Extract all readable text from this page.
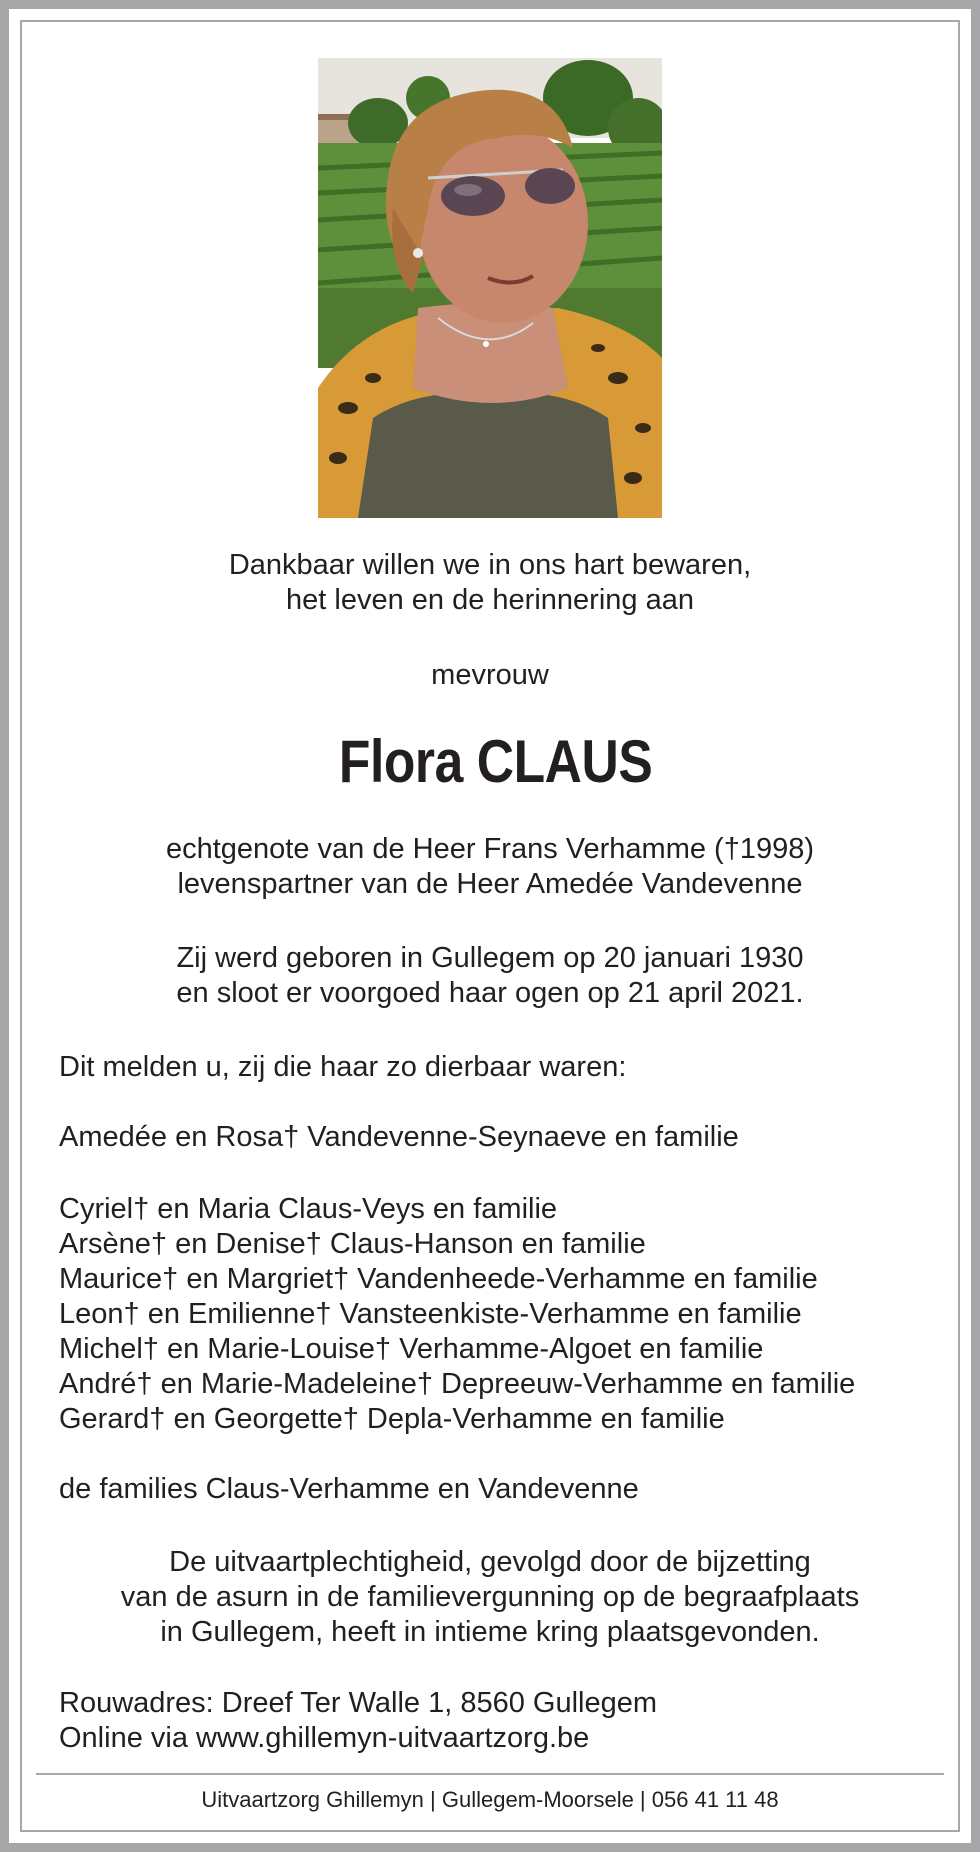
Dankbaar willen we in ons hart bewaren,
het leven en de herinnering aan
mevrouw
Flora CLAUS
echtgenote van de Heer Frans Verhamme (†1998)
levenspartner van de Heer Amedée Vandevenne
Zij werd geboren in Gullegem op 20 januari 1930
en sloot er voorgoed haar ogen op 21 april 2021.
Dit melden u, zij die haar zo dierbaar waren:
Amedée en Rosa† Vandevenne-Seynaeve en familie
Cyriel† en Maria Claus-Veys en familie
Arsène† en Denise† Claus-Hanson en familie
Maurice† en Margriet† Vandenheede-Verhamme en familie
Leon† en Emilienne† Vansteenkiste-Verhamme en familie
Michel† en Marie-Louise† Verhamme-Algoet en familie
André† en Marie-Madeleine† Depreeuw-Verhamme en familie
Gerard† en Georgette† Depla-Verhamme en familie
de families Claus-Verhamme en Vandevenne
De uitvaartplechtigheid, gevolgd door de bijzetting
van de asurn in de familievergunning op de begraafplaats
in Gullegem, heeft in intieme kring plaatsgevonden.
Rouwadres: Dreef Ter Walle 1, 8560 Gullegem
Online via www.ghillemyn-uitvaartzorg.be
Uitvaartzorg Ghillemyn | Gullegem-Moorsele | 056 41 11 48
